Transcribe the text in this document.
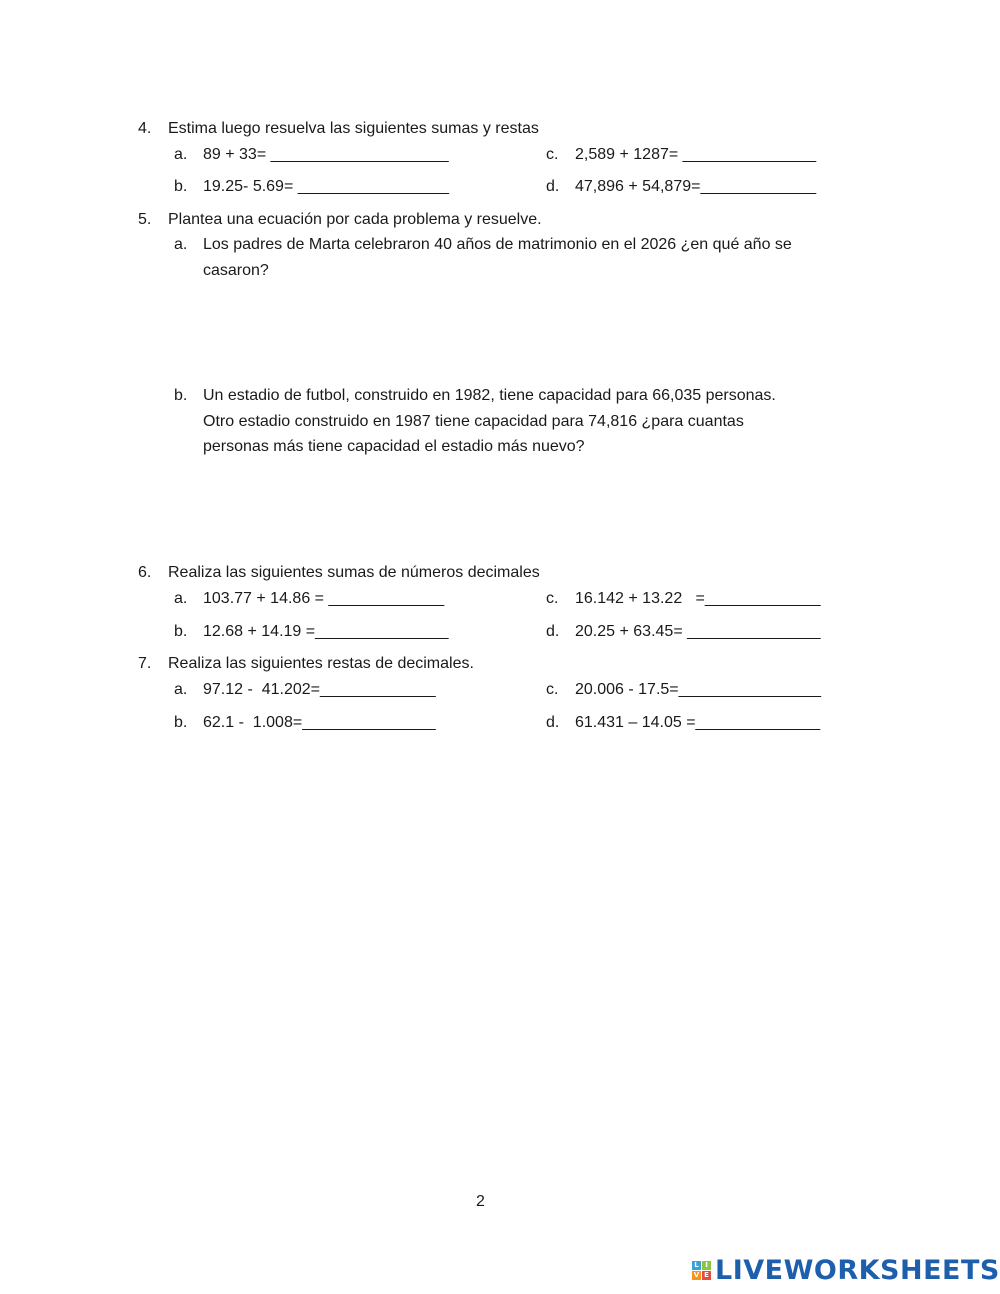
4. Estima luego resuelva las siguientes sumas y restas
a. 89 + 33= ____________________	c. 2,589 + 1287= _______________
b. 19.25- 5.69= _________________	d. 47,896 + 54,879=_____________
5. Plantea una ecuación por cada problema y resuelve.
a. Los padres de Marta celebraron 40 años de matrimonio en el 2026 ¿en qué año se
casaron?
b. Un estadio de futbol, construido en 1982, tiene capacidad para 66,035 personas.
Otro estadio construido en 1987 tiene capacidad para 74,816 ¿para cuantas
personas más tiene capacidad el estadio más nuevo?
6. Realiza las siguientes sumas de números decimales
a. 103.77 + 14.86 = _____________	c. 16.142 + 13.22   =_____________
b. 12.68 + 14.19 =_______________	d. 20.25 + 63.45= _______________
7. Realiza las siguientes restas de decimales.
a. 97.12 -  41.202=_____________	c. 20.006 - 17.5=________________
b. 62.1 -  1.008=_______________	d. 61.431 – 14.05 =______________
2
L I
V E LIVEWORKSHEETS
